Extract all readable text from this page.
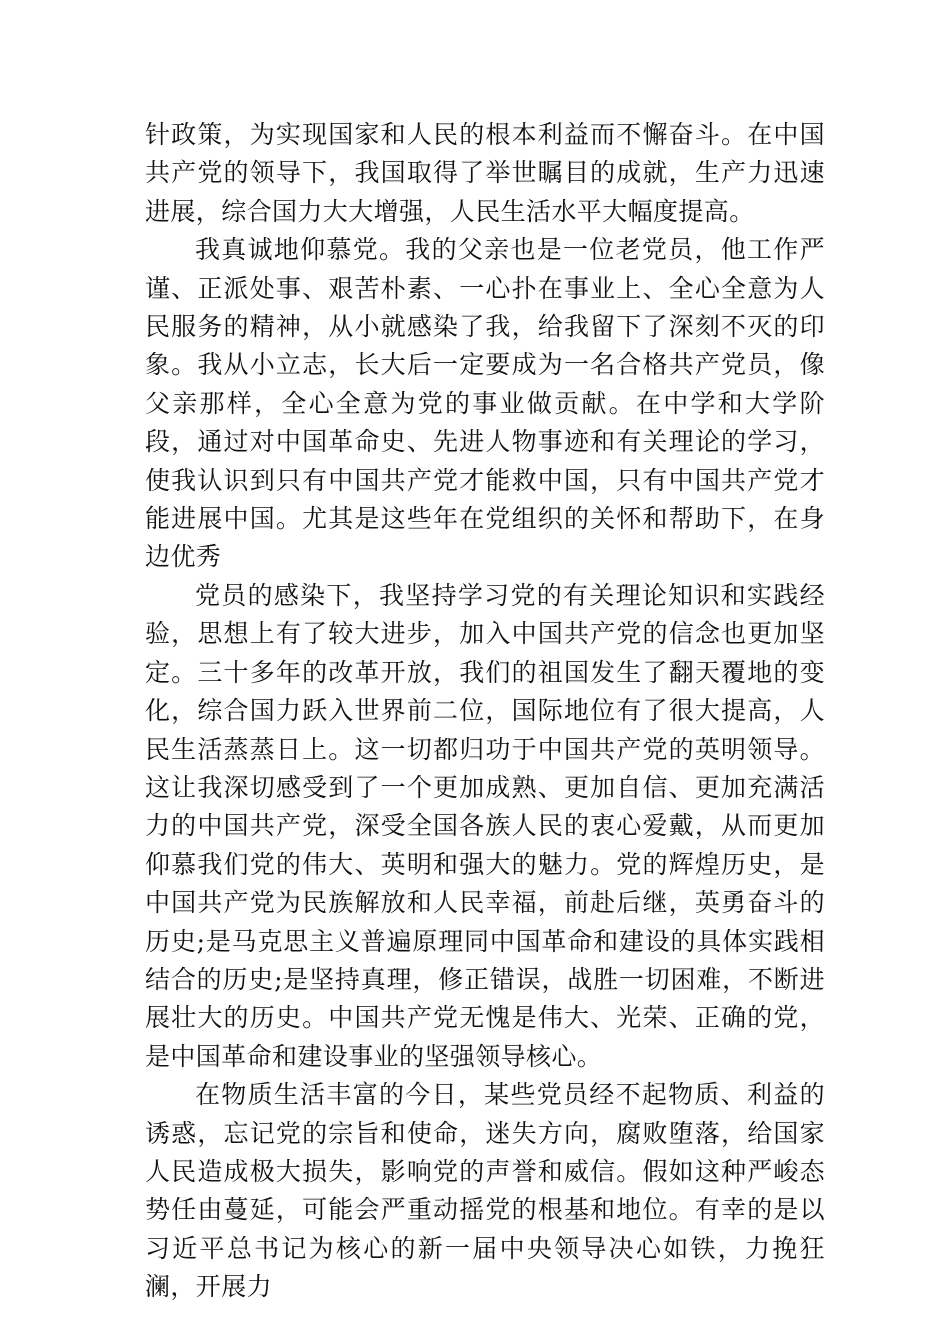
针政策，为实现国家和人民的根本利益而不懈奋斗。在中国共产党的领导下，我国取得了举世瞩目的成就，生产力迅速进展，综合国力大大增强，人民生活水平大幅度提高。

我真诚地仰慕党。我的父亲也是一位老党员，他工作严谨、正派处事、艰苦朴素、一心扑在事业上、全心全意为人民服务的精神，从小就感染了我，给我留下了深刻不灭的印象。我从小立志，长大后一定要成为一名合格共产党员，像父亲那样，全心全意为党的事业做贡献。在中学和大学阶段，通过对中国革命史、先进人物事迹和有关理论的学习，使我认识到只有中国共产党才能救中国，只有中国共产党才能进展中国。尤其是这些年在党组织的关怀和帮助下，在身边优秀

党员的感染下，我坚持学习党的有关理论知识和实践经验，思想上有了较大进步，加入中国共产党的信念也更加坚定。三十多年的改革开放，我们的祖国发生了翻天覆地的变化，综合国力跃入世界前二位，国际地位有了很大提高，人民生活蒸蒸日上。这一切都归功于中国共产党的英明领导。这让我深切感受到了一个更加成熟、更加自信、更加充满活力的中国共产党，深受全国各族人民的衷心爱戴，从而更加仰慕我们党的伟大、英明和强大的魅力。党的辉煌历史，是中国共产党为民族解放和人民幸福，前赴后继，英勇奋斗的历史;是马克思主义普遍原理同中国革命和建设的具体实践相结合的历史;是坚持真理，修正错误，战胜一切困难，不断进展壮大的历史。中国共产党无愧是伟大、光荣、正确的党，是中国革命和建设事业的坚强领导核心。

在物质生活丰富的今日，某些党员经不起物质、利益的诱惑，忘记党的宗旨和使命，迷失方向，腐败堕落，给国家人民造成极大损失，影响党的声誉和威信。假如这种严峻态势任由蔓延，可能会严重动摇党的根基和地位。有幸的是以习近平总书记为核心的新一届中央领导决心如铁，力挽狂澜，开展力
